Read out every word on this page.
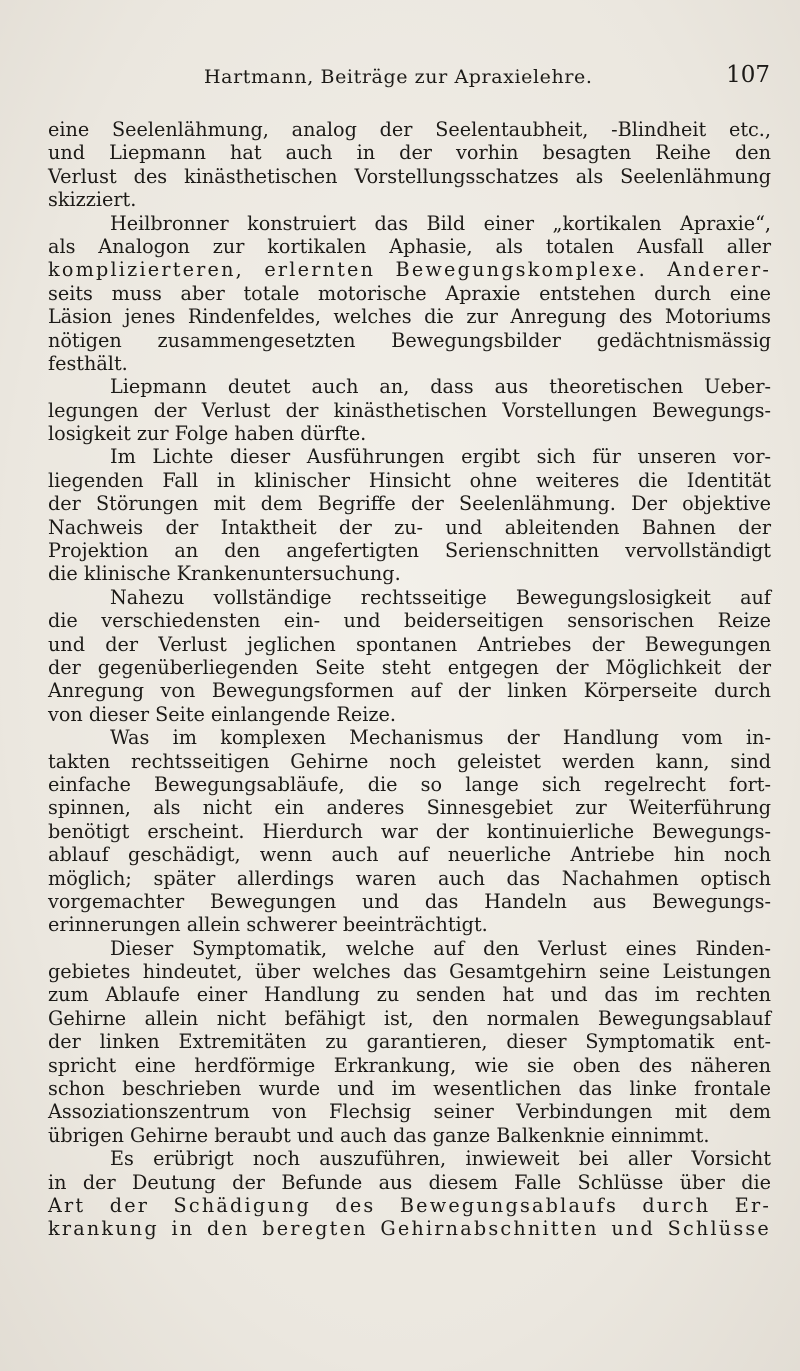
Hartmann, Beiträge zur Apraxielehre.	107
eine Seelenlähmung, analog der Seelentaubheit, -Blindheit etc.,
und Liepmann hat auch in der vorhin besagten Reihe den
Verlust des kinästhetischen Vorstellungsschatzes als Seelenlähmung
skizziert.
Heilbronner konstruiert das Bild einer „kortikalen Apraxie“,
als Analogon zur kortikalen Aphasie, als totalen Ausfall aller
komplizierteren, erlernten Bewegungskomplexe. Anderer-
seits muss aber totale motorische Apraxie entstehen durch eine
Läsion jenes Rindenfeldes, welches die zur Anregung des Motoriums
nötigen zusammengesetzten Bewegungsbilder gedächtnismässig
festhält.
Liepmann deutet auch an, dass aus theoretischen Ueber-
legungen der Verlust der kinästhetischen Vorstellungen Bewegungs-
losigkeit zur Folge haben dürfte.
Im Lichte dieser Ausführungen ergibt sich für unseren vor-
liegenden Fall in klinischer Hinsicht ohne weiteres die Identität
der Störungen mit dem Begriffe der Seelenlähmung. Der objektive
Nachweis der Intaktheit der zu- und ableitenden Bahnen der
Projektion an den angefertigten Serienschnitten vervollständigt
die klinische Krankenuntersuchung.
Nahezu vollständige rechtsseitige Bewegungslosigkeit auf
die verschiedensten ein- und beiderseitigen sensorischen Reize
und der Verlust jeglichen spontanen Antriebes der Bewegungen
der gegenüberliegenden Seite steht entgegen der Möglichkeit der
Anregung von Bewegungsformen auf der linken Körperseite durch
von dieser Seite einlangende Reize.
Was im komplexen Mechanismus der Handlung vom in-
takten rechtsseitigen Gehirne noch geleistet werden kann, sind
einfache Bewegungsabläufe, die so lange sich regelrecht fort-
spinnen, als nicht ein anderes Sinnesgebiet zur Weiterführung
benötigt erscheint. Hierdurch war der kontinuierliche Bewegungs-
ablauf geschädigt, wenn auch auf neuerliche Antriebe hin noch
möglich; später allerdings waren auch das Nachahmen optisch
vorgemachter Bewegungen und das Handeln aus Bewegungs-
erinnerungen allein schwerer beeinträchtigt.
Dieser Symptomatik, welche auf den Verlust eines Rinden-
gebietes hindeutet, über welches das Gesamtgehirn seine Leistungen
zum Ablaufe einer Handlung zu senden hat und das im rechten
Gehirne allein nicht befähigt ist, den normalen Bewegungsablauf
der linken Extremitäten zu garantieren, dieser Symptomatik ent-
spricht eine herdförmige Erkrankung, wie sie oben des näheren
schon beschrieben wurde und im wesentlichen das linke frontale
Assoziationszentrum von Flechsig seiner Verbindungen mit dem
übrigen Gehirne beraubt und auch das ganze Balkenknie einnimmt.
Es erübrigt noch auszuführen, inwieweit bei aller Vorsicht
in der Deutung der Befunde aus diesem Falle Schlüsse über die
Art der Schädigung des Bewegungsablaufs durch Er-
krankung in den beregten Gehirnabschnitten und Schlüsse
